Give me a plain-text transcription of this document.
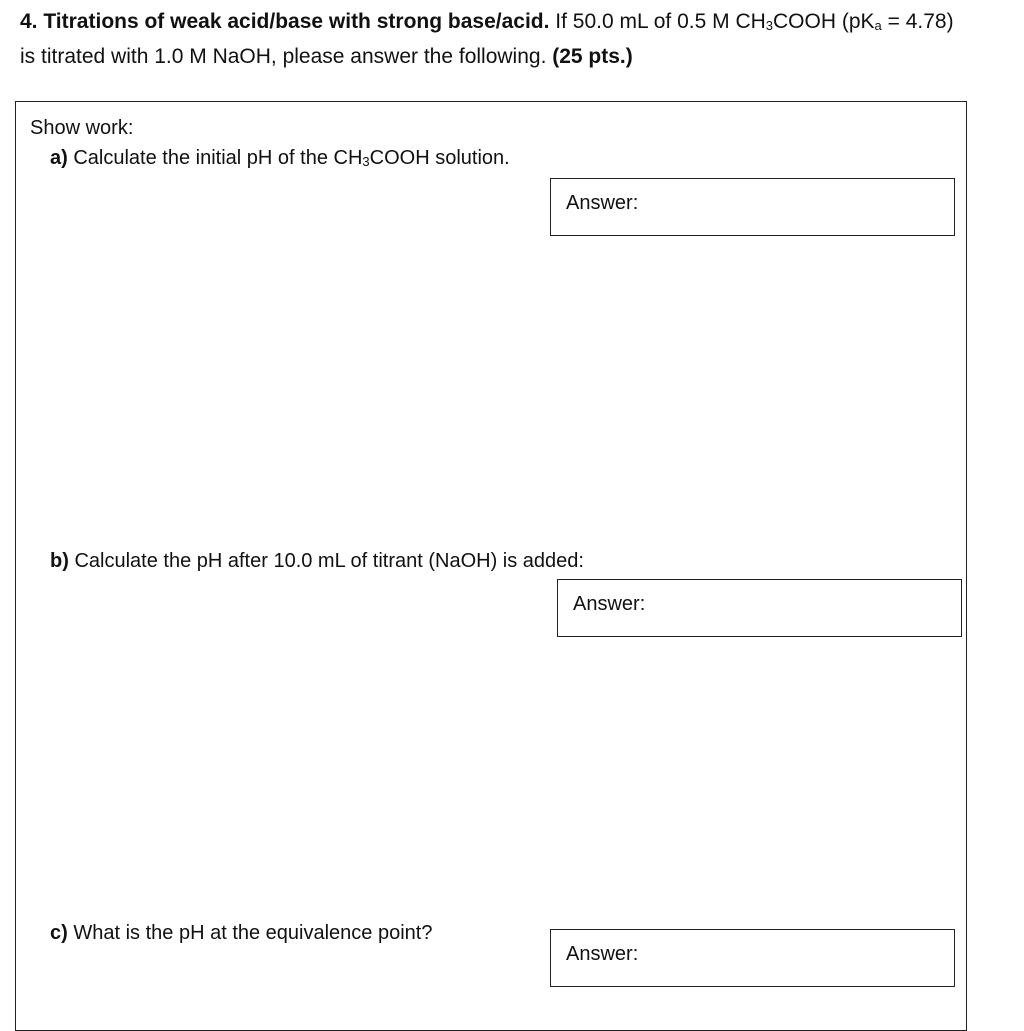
4. Titrations of weak acid/base with strong base/acid. If 50.0 mL of 0.5 M CH3COOH (pKa = 4.78)
is titrated with 1.0 M NaOH, please answer the following. (25 pts.)
Show work:
a) Calculate the initial pH of the CH3COOH solution.
Answer:
b) Calculate the pH after 10.0 mL of titrant (NaOH) is added:
Answer:
c) What is the pH at the equivalence point?
Answer:
